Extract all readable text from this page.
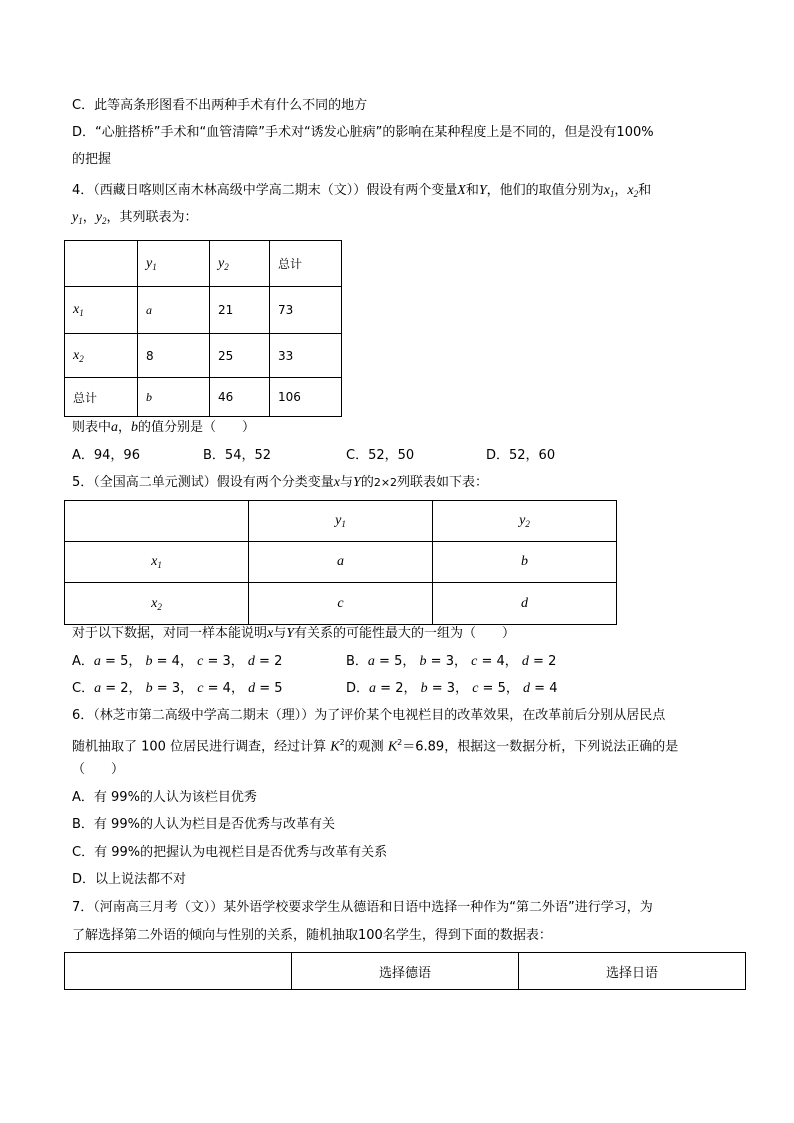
C．此等高条形图看不出两种手术有什么不同的地方
D．“心脏搭桥”手术和“血管清障”手术对“诱发心脏病”的影响在某种程度上是不同的，但是没有100%
的把握
4．（西藏日喀则区南木林高级中学高二期末（文））假设有两个变量X和Y，他们的取值分别为$x_1$，$x_2$和
$y_1$，$y_2$，其列联表为：
	$y_1$	$y_2$	总计
$x_1$	a	21	73
$x_2$	8	25	33
总计	b	46	106
则表中a，b的值分别是（　　）
A．94，96	B．54，52	C．52，50	D．52，60
5．（全国高二单元测试）假设有两个分类变量x与Y的2×2列联表如下表：
	$y_1$	$y_2$
$x_1$	a	b
$x_2$	c	d
对于以下数据，对同一样本能说明x与Y有关系的可能性最大的一组为（　　）
A．a = 5， b = 4， c = 3， d = 2	B．a = 5， b = 3， c = 4， d = 2
C．a = 2， b = 3， c = 4， d = 5	D．a = 2， b = 3， c = 5， d = 4
6．（林芝市第二高级中学高二期末（理））为了评价某个电视栏目的改革效果，在改革前后分别从居民点
随机抽取了 100 位居民进行调查，经过计算 $K^2$的观测 $K^2=6.89$，根据这一数据分析，下列说法正确的是
（　　）
A．有 99%的人认为该栏目优秀
B．有 99%的人认为栏目是否优秀与改革有关
C．有 99%的把握认为电视栏目是否优秀与改革有关系
D．以上说法都不对
7．（河南高三月考（文））某外语学校要求学生从德语和日语中选择一种作为“第二外语”进行学习，为
了解选择第二外语的倾向与性别的关系，随机抽取100名学生，得到下面的数据表：
	选择德语	选择日语
